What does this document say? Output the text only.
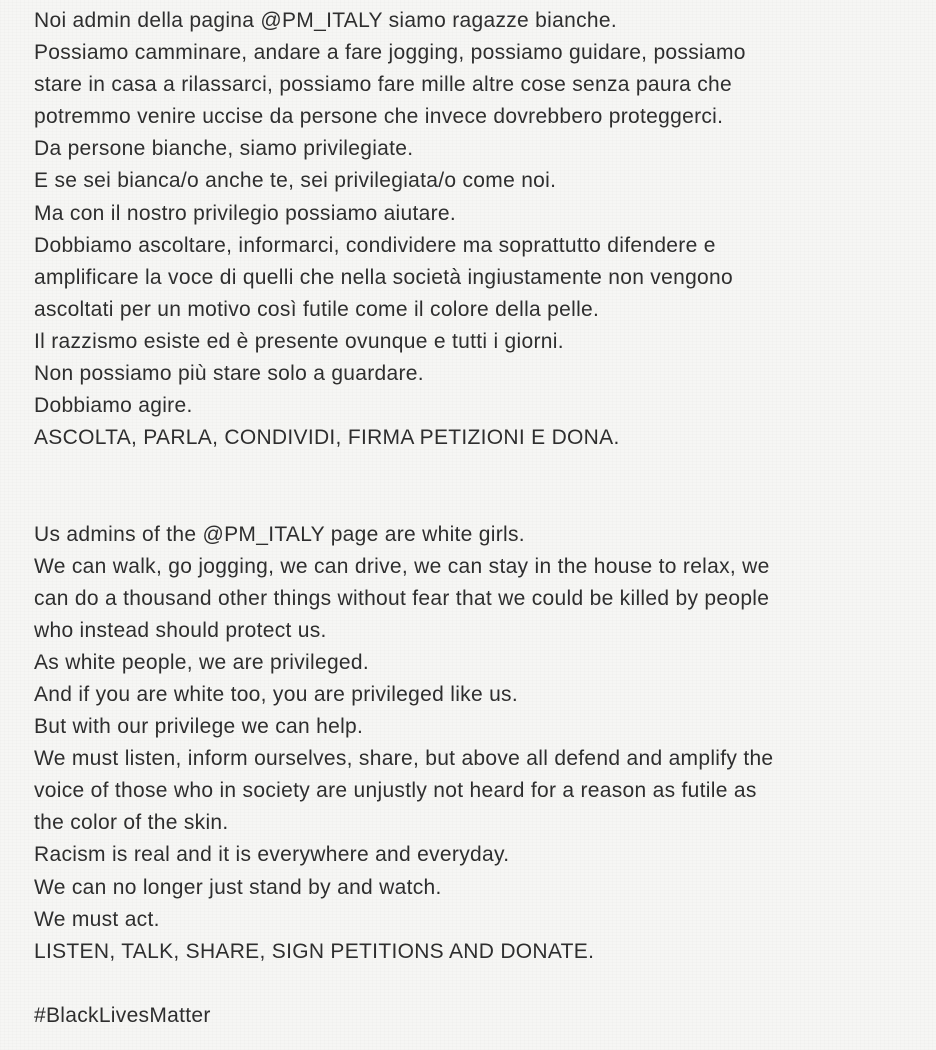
Noi admin della pagina @PM_ITALY siamo ragazze bianche.
Possiamo camminare, andare a fare jogging, possiamo guidare, possiamo
stare in casa a rilassarci, possiamo fare mille altre cose senza paura che
potremmo venire uccise da persone che invece dovrebbero proteggerci.
Da persone bianche, siamo privilegiate.
E se sei bianca/o anche te, sei privilegiata/o come noi.
Ma con il nostro privilegio possiamo aiutare.
Dobbiamo ascoltare, informarci, condividere ma soprattutto difendere e
amplificare la voce di quelli che nella società ingiustamente non vengono
ascoltati per un motivo così futile come il colore della pelle.
Il razzismo esiste ed è presente ovunque e tutti i giorni.
Non possiamo più stare solo a guardare.
Dobbiamo agire.
ASCOLTA, PARLA, CONDIVIDI, FIRMA PETIZIONI E DONA.
Us admins of the @PM_ITALY page are white girls.
We can walk, go jogging, we can drive, we can stay in the house to relax, we
can do a thousand other things without fear that we could be killed by people
who instead should protect us.
As white people, we are privileged.
And if you are white too, you are privileged like us.
But with our privilege we can help.
We must listen, inform ourselves, share, but above all defend and amplify the
voice of those who in society are unjustly not heard for a reason as futile as
the color of the skin.
Racism is real and it is everywhere and everyday.
We can no longer just stand by and watch.
We must act.
LISTEN, TALK, SHARE, SIGN PETITIONS AND DONATE.
#BlackLivesMatter
